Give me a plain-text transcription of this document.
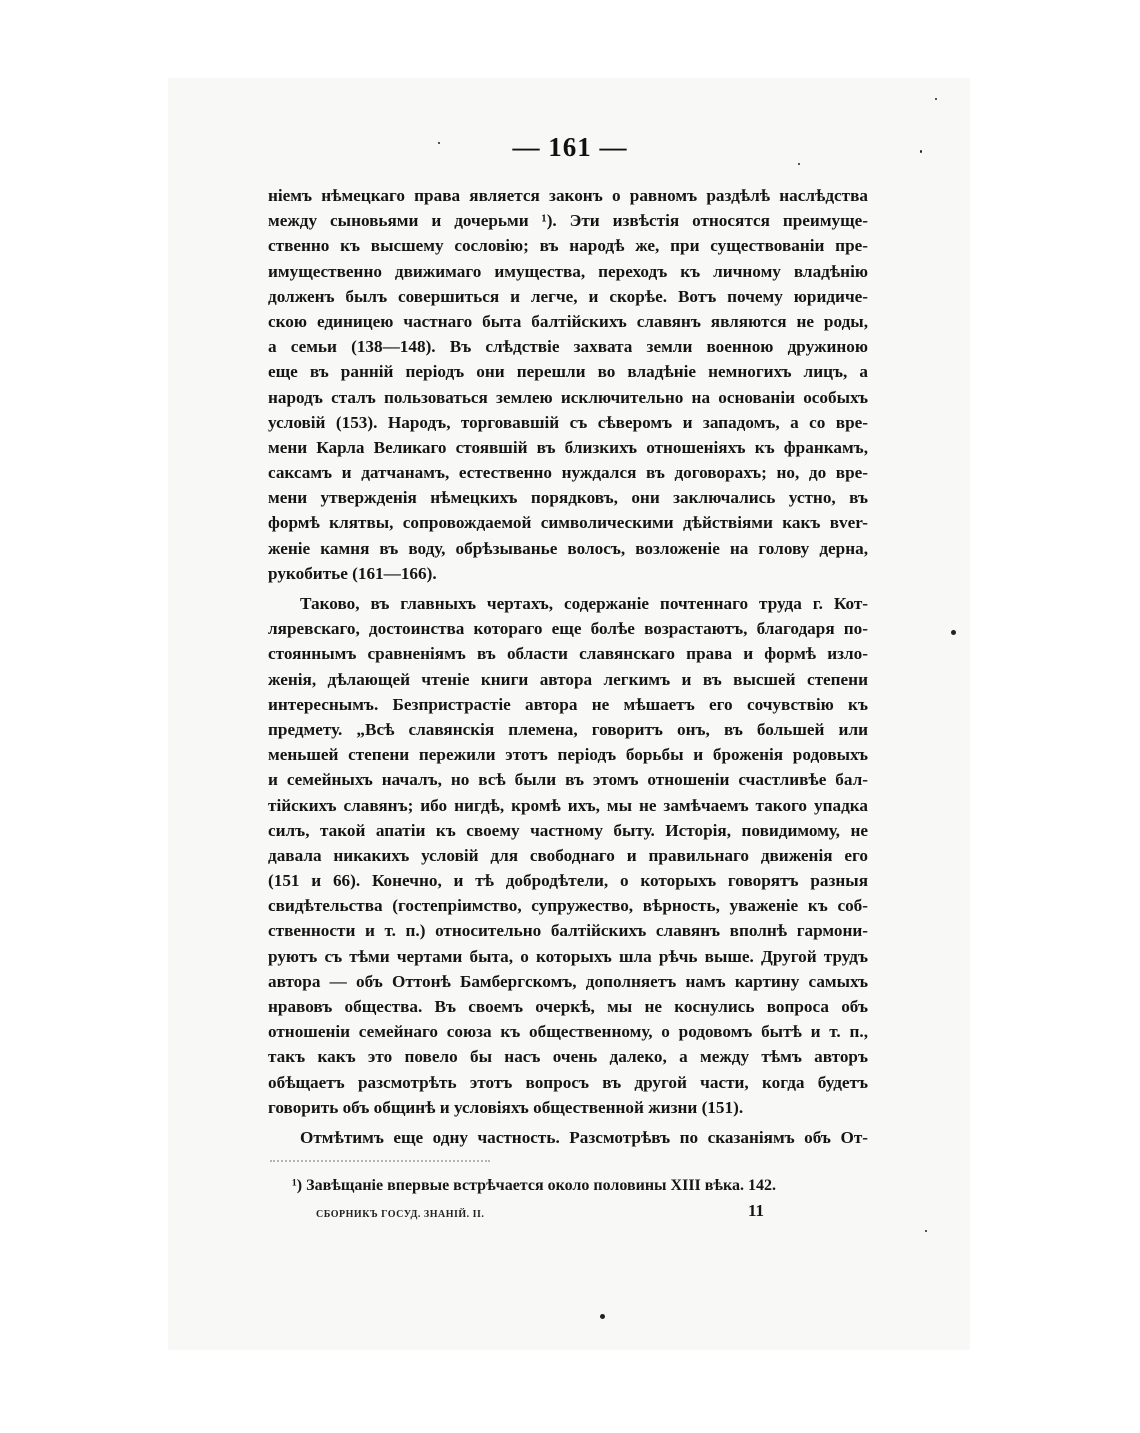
— 161 —
ніемъ нѣмецкаго права является законъ о равномъ раздѣлѣ наслѣдства
между сыновьями и дочерьми ¹). Эти извѣстія относятся преимуще-
ственно къ высшему сословію; въ народѣ же, при существованіи пре-
имущественно движимаго имущества, переходъ къ личному владѣнію
долженъ былъ совершиться и легче, и скорѣе. Вотъ почему юридиче-
скою единицею частнаго быта балтійскихъ славянъ являются не роды,
а семьи (138—148). Въ слѣдствіе захвата земли военною дружиною
еще въ ранній періодъ они перешли во владѣніе немногихъ лицъ, а
народъ сталъ пользоваться землею исключительно на основаніи особыхъ
условій (153). Народъ, торговавшій съ сѣверомъ и западомъ, а со вре-
мени Карла Великаго стоявшій въ близкихъ отношеніяхъ къ франкамъ,
саксамъ и датчанамъ, естественно нуждался въ договорахъ; но, до вре-
мени утвержденія нѣмецкихъ порядковъ, они заключались устно, въ
формѣ клятвы, сопровождаемой символическими дѣйствіями какъ вver-
женіе камня въ воду, обрѣзыванье волосъ, возложеніе на голову дерна,
рукобитье (161—166).
Таково, въ главныхъ чертахъ, содержаніе почтеннаго труда г. Кот-
ляревскаго, достоинства котораго еще болѣе возрастаютъ, благодаря по-
стояннымъ сравненіямъ въ области славянскаго права и формѣ изло-
женія, дѣлающей чтеніе книги автора легкимъ и въ высшей степени
интереснымъ. Безпристрастіе автора не мѣшаетъ его сочувствію къ
предмету. „Всѣ славянскія племена, говоритъ онъ, въ большей или
меньшей степени пережили этотъ періодъ борьбы и броженія родовыхъ
и семейныхъ началъ, но всѣ были въ этомъ отношеніи счастливѣе бал-
тійскихъ славянъ; ибо нигдѣ, кромѣ ихъ, мы не замѣчаемъ такого упадка
силъ, такой апатіи къ своему частному быту. Исторія, повидимому, не
давала никакихъ условій для свободнаго и правильнаго движенія его
(151 и 66). Конечно, и тѣ добродѣтели, о которыхъ говорятъ разныя
свидѣтельства (гостепріимство, супружество, вѣрность, уваженіе къ соб-
ственности и т. п.) относительно балтійскихъ славянъ вполнѣ гармони-
руютъ съ тѣми чертами быта, о которыхъ шла рѣчь выше. Другой трудъ
автора — объ Оттонѣ Бамбергскомъ, дополняетъ намъ картину самыхъ
нравовъ общества. Въ своемъ очеркѣ, мы не коснулись вопроса объ
отношеніи семейнаго союза къ общественному, о родовомъ бытѣ и т. п.,
такъ какъ это повело бы насъ очень далеко, а между тѣмъ авторъ
обѣщаетъ разсмотрѣть этотъ вопросъ въ другой части, когда будетъ
говорить объ общинѣ и условіяхъ общественной жизни (151).
Отмѣтимъ еще одну частность. Разсмотрѣвъ по сказаніямъ объ От-
¹) Завѣщаніе впервые встрѣчается около половины XIII вѣка. 142.
СБОРНИКЪ ГОСУД. ЗНАНІЙ. II.	11
